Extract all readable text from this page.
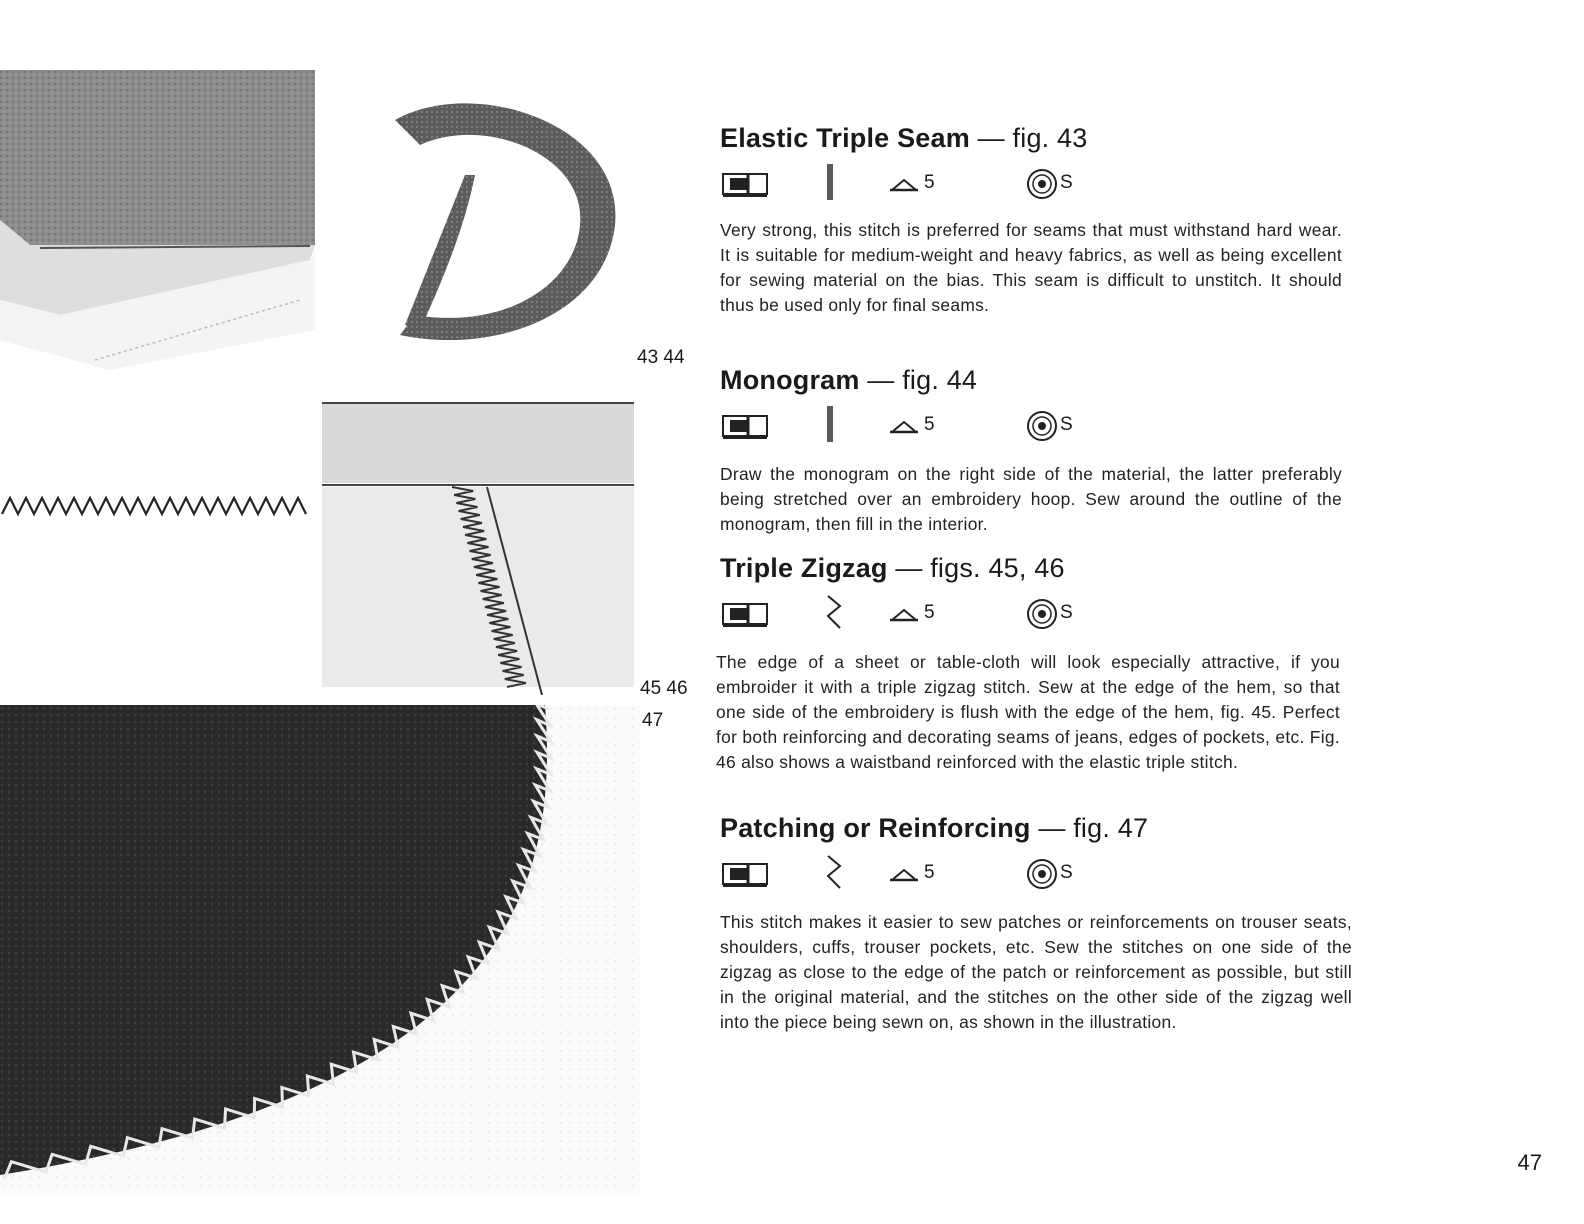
43 44
45 46
47
Elastic Triple Seam — fig. 43
5	S
Very strong, this stitch is preferred for seams that must withstand hard wear. It is suitable for medium-weight and heavy fabrics, as well as being excellent for sewing material on the bias. This seam is difficult to unstitch. It should thus be used only for final seams.
Monogram — fig. 44
5	S
Draw the monogram on the right side of the material, the latter preferably being stretched over an embroidery hoop. Sew around the outline of the monogram, then fill in the interior.
Triple Zigzag — figs. 45, 46
5	S
The edge of a sheet or table-cloth will look especially attractive, if you embroider it with a triple zigzag stitch. Sew at the edge of the hem, so that one side of the embroidery is flush with the edge of the hem, fig. 45. Perfect for both reinforcing and decorating seams of jeans, edges of pockets, etc. Fig. 46 also shows a waistband reinforced with the elastic triple stitch.
Patching or Reinforcing — fig. 47
5	S
This stitch makes it easier to sew patches or reinforcements on trouser seats, shoulders, cuffs, trouser pockets, etc. Sew the stitches on one side of the zigzag as close to the edge of the patch or reinforcement as possible, but still in the original material, and the stitches on the other side of the zigzag well into the piece being sewn on, as shown in the illustration.
47
